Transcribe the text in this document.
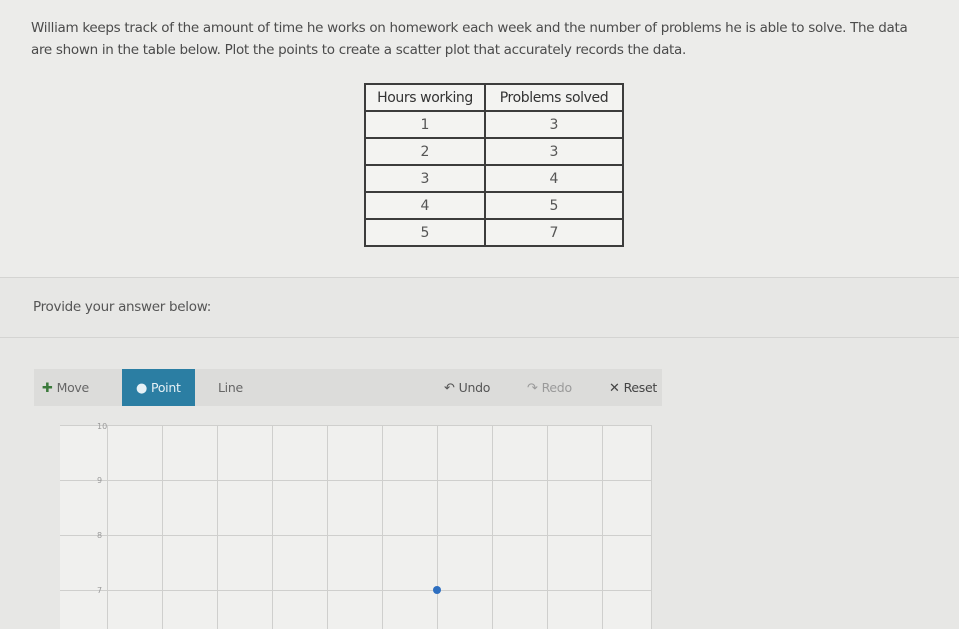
William keeps track of the amount of time he works on homework each week and the number of problems he is able to solve. The data are shown in the table below. Plot the points to create a scatter plot that accurately records the data.
Hours working	Problems solved
1	3
2	3
3	4
4	5
5	7
Provide your answer below:
✚ Move	● Point	Line	↶ Undo	↷ Redo	✕ Reset
10
9
8
7
